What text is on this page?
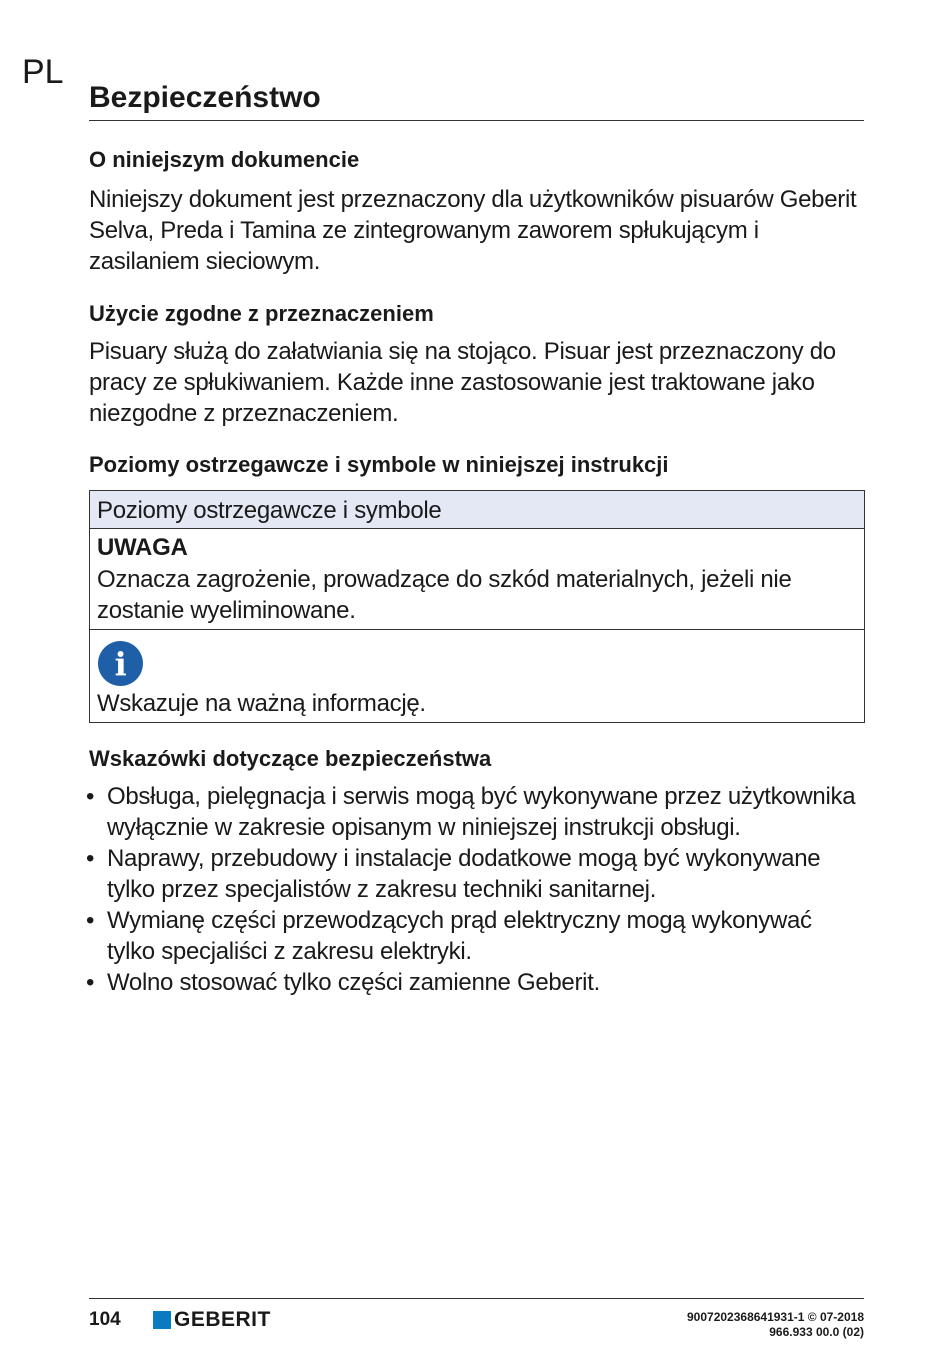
PL
Bezpieczeństwo
O niniejszym dokumencie

Niniejszy dokument jest przeznaczony dla użytkowników pisuarów Geberit Selva, Preda i Tamina ze zintegrowanym zaworem spłukującym i zasilaniem sieciowym.

Użycie zgodne z przeznaczeniem

Pisuary służą do załatwiania się na stojąco. Pisuar jest przeznaczony do pracy ze spłukiwaniem. Każde inne zastosowanie jest traktowane jako niezgodne z przeznaczeniem.

Poziomy ostrzegawcze i symbole w niniejszej instrukcji
Poziomy ostrzegawcze i symbole

UWAGA
Oznacza zagrożenie, prowadzące do szkód materialnych, jeżeli nie zostanie wyeliminowane.

i
Wskazuje na ważną informację.
Wskazówki dotyczące bezpieczeństwa
• Obsługa, pielęgnacja i serwis mogą być wykonywane przez użytkownika wyłącznie w zakresie opisanym w niniejszej instrukcji obsługi.
• Naprawy, przebudowy i instalacje dodatkowe mogą być wykonywane tylko przez specjalistów z zakresu techniki sanitarnej.
• Wymianę części przewodzących prąd elektryczny mogą wykonywać tylko specjaliści z zakresu elektryki.
• Wolno stosować tylko części zamienne Geberit.
104	GEBERIT	9007202368641931-1 © 07-2018
966.933 00.0 (02)
